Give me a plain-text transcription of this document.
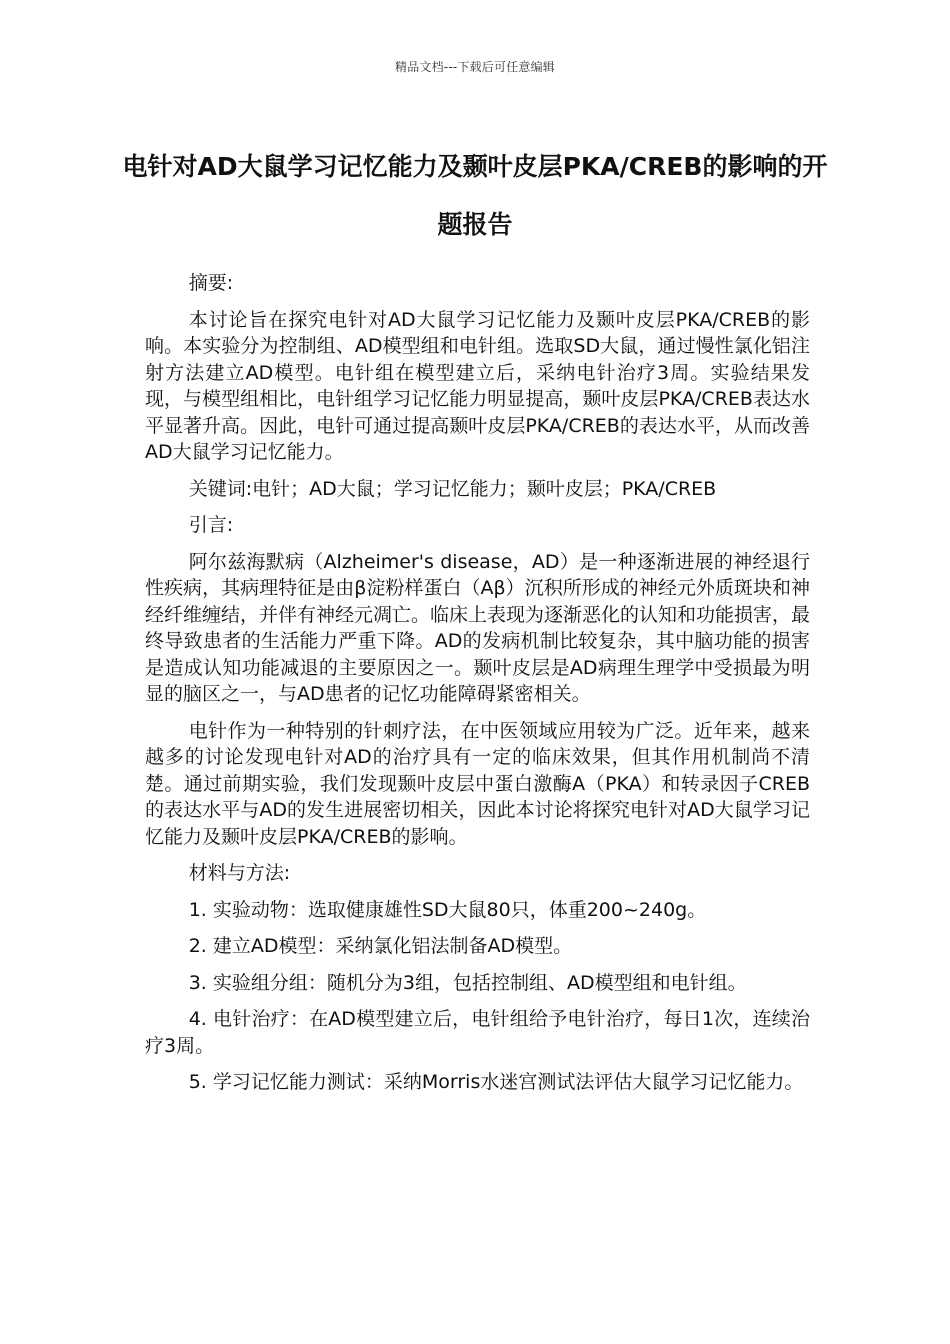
精品文档---下载后可任意编辑
电针对AD大鼠学习记忆能力及颞叶皮层PKA/CREB的影响的开题报告

摘要:

本讨论旨在探究电针对AD大鼠学习记忆能力及颞叶皮层PKA/CREB的影响。本实验分为控制组、AD模型组和电针组。选取SD大鼠，通过慢性氯化铝注射方法建立AD模型。电针组在模型建立后，采纳电针治疗3周。实验结果发现，与模型组相比，电针组学习记忆能力明显提高，颞叶皮层PKA/CREB表达水平显著升高。因此，电针可通过提高颞叶皮层PKA/CREB的表达水平，从而改善AD大鼠学习记忆能力。

关键词:电针；AD大鼠；学习记忆能力；颞叶皮层；PKA/CREB

引言:

阿尔兹海默病（Alzheimer's disease，AD）是一种逐渐进展的神经退行性疾病，其病理特征是由β淀粉样蛋白（Aβ）沉积所形成的神经元外质斑块和神经纤维缠结，并伴有神经元凋亡。临床上表现为逐渐恶化的认知和功能损害，最终导致患者的生活能力严重下降。AD的发病机制比较复杂，其中脑功能的损害是造成认知功能减退的主要原因之一。颞叶皮层是AD病理生理学中受损最为明显的脑区之一，与AD患者的记忆功能障碍紧密相关。

电针作为一种特别的针刺疗法，在中医领域应用较为广泛。近年来，越来越多的讨论发现电针对AD的治疗具有一定的临床效果，但其作用机制尚不清楚。通过前期实验，我们发现颞叶皮层中蛋白激酶A（PKA）和转录因子CREB的表达水平与AD的发生进展密切相关，因此本讨论将探究电针对AD大鼠学习记忆能力及颞叶皮层PKA/CREB的影响。

材料与方法:

1. 实验动物：选取健康雄性SD大鼠80只，体重200~240g。

2. 建立AD模型：采纳氯化铝法制备AD模型。

3. 实验组分组：随机分为3组，包括控制组、AD模型组和电针组。

4. 电针治疗：在AD模型建立后，电针组给予电针治疗，每日1次，连续治疗3周。

5. 学习记忆能力测试：采纳Morris水迷宫测试法评估大鼠学习记忆能力。
